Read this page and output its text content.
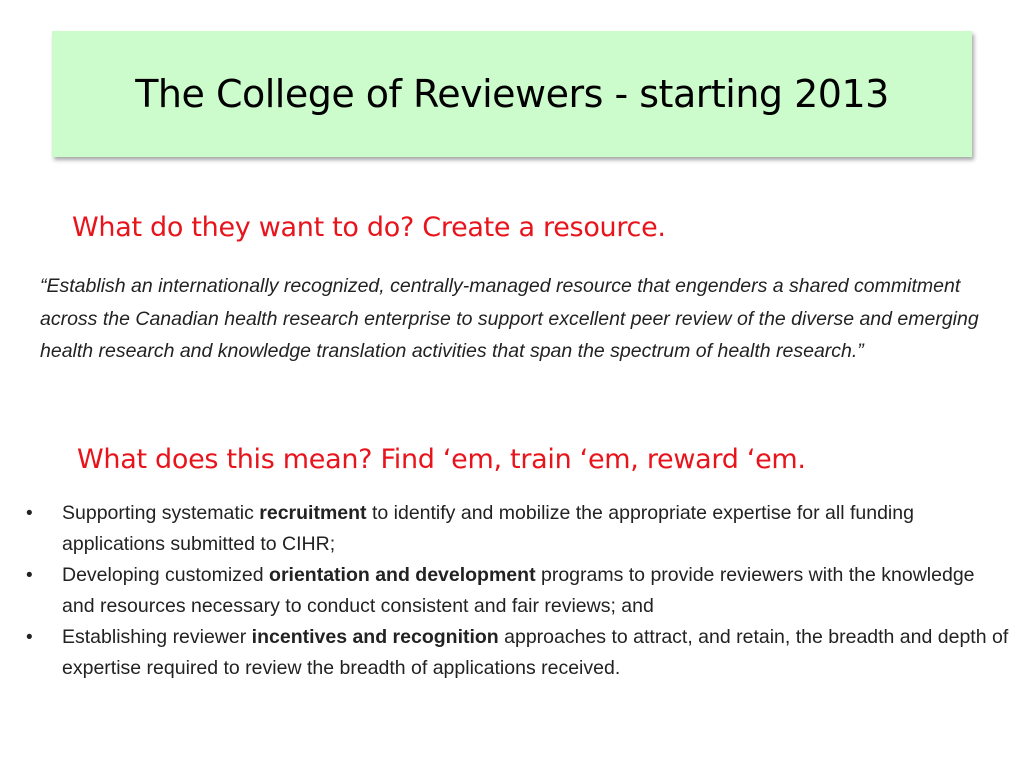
The College of Reviewers - starting 2013
What do they want to do? Create a resource.

“Establish an internationally recognized, centrally-managed resource that engenders a shared commitment across the Canadian health research enterprise to support excellent peer review of the diverse and emerging health research and knowledge translation activities that span the spectrum of health research.”

What does this mean? Find ‘em, train ‘em, reward ‘em.
• Supporting systematic recruitment to identify and mobilize the appropriate expertise for all funding applications submitted to CIHR;
• Developing customized orientation and development programs to provide reviewers with the knowledge and resources necessary to conduct consistent and fair reviews; and
• Establishing reviewer incentives and recognition approaches to attract, and retain, the breadth and depth of expertise required to review the breadth of applications received.
